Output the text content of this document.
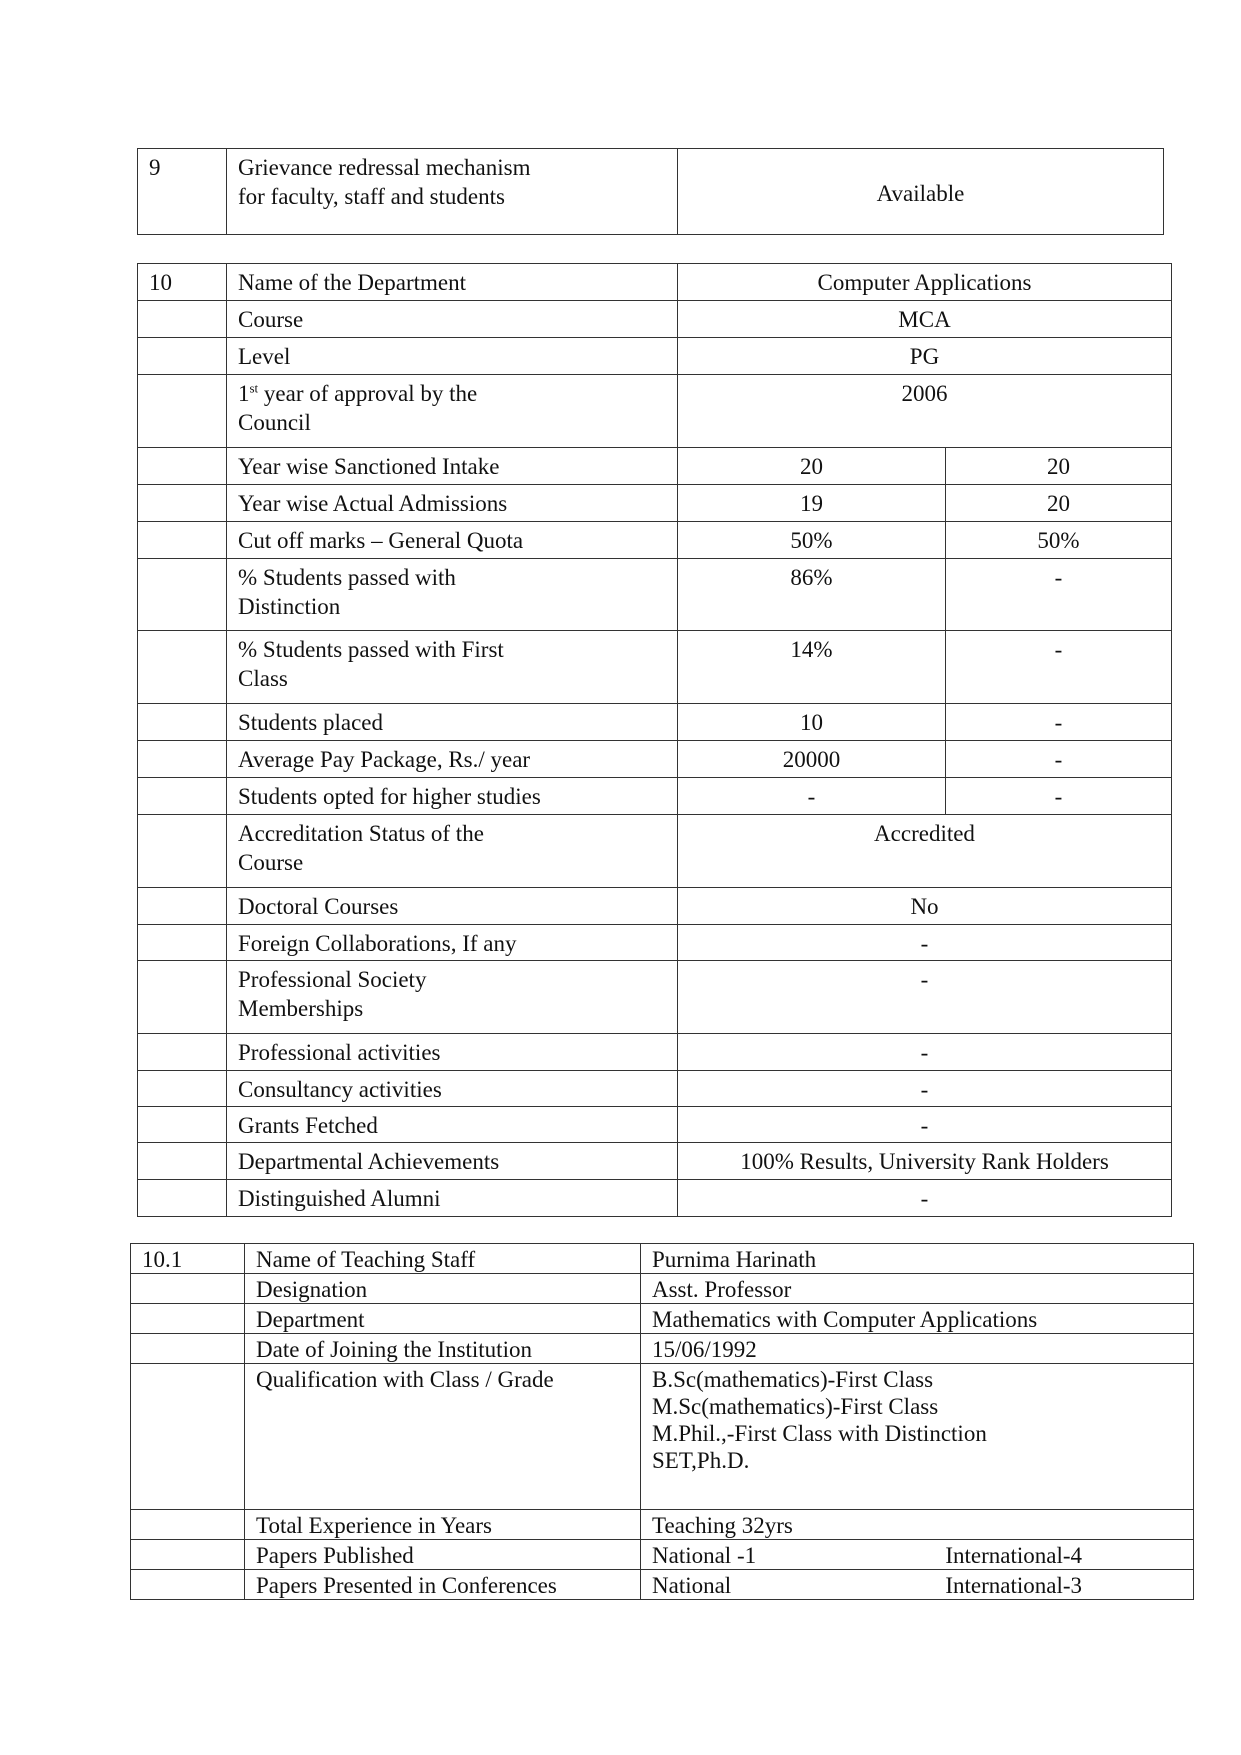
9	Grievance redressal mechanism
for faculty, staff and students	Available
10	Name of the Department	Computer Applications	
	Course	MCA	
	Level	PG	

	1st year of approval by the
Council	2006	
	Year wise Sanctioned Intake	20	20
	Year wise Actual Admissions	19	20
	Cut off marks – General Quota	50%	50%

	% Students passed with
Distinction	86%	-

	% Students passed with First
Class	14%	-
	Students placed	10	-
	Average Pay Package, Rs./ year	20000	-
	Students opted for higher studies	-	-

	Accreditation Status of the
Course	Accredited	
	Doctoral Courses	No	
	Foreign Collaborations, If any	-	

	Professional Society
Memberships	-	
	Professional activities	-	
	Consultancy activities	-	
	Grants Fetched	-	
	Departmental Achievements	100% Results, University Rank Holders	
	Distinguished Alumni	-	
10.1	Name of Teaching Staff	Purnima Harinath
	Designation	Asst. Professor
	Department	Mathematics with Computer Applications
	Date of Joining the Institution	15/06/1992
	Qualification with Class / Grade	B.Sc(mathematics)-First Class
M.Sc(mathematics)-First Class
M.Phil.,-First Class with Distinction
SET,Ph.D.

	Total Experience in Years	Teaching 32yrs
	Papers Published	National -1 International-4

	Papers Presented in Conferences	National International-3
